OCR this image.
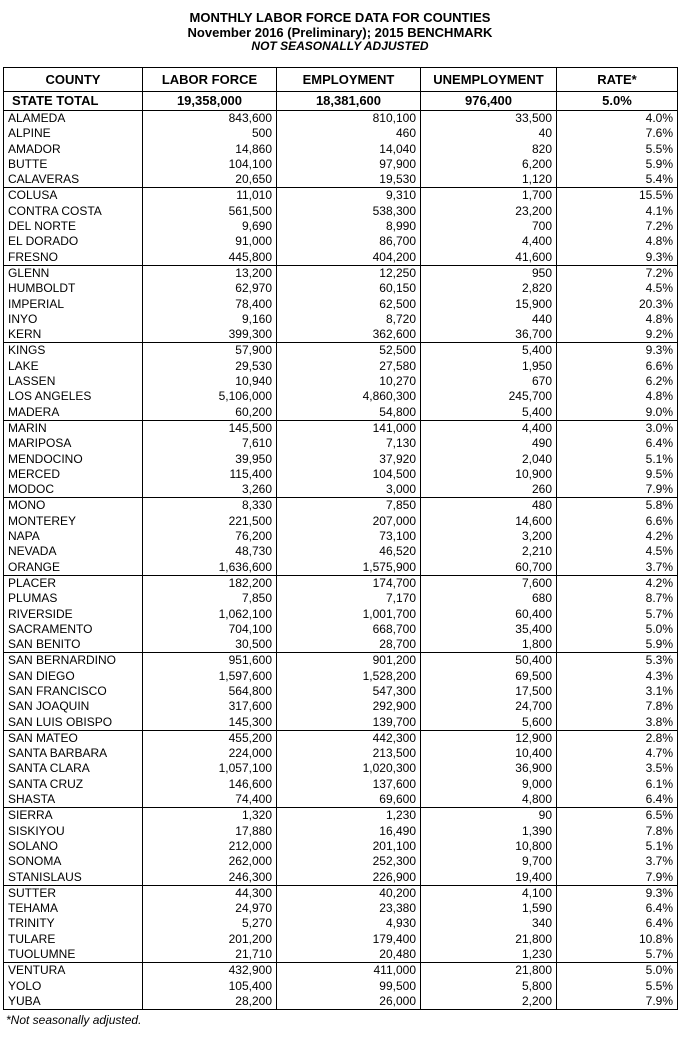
MONTHLY LABOR FORCE DATA FOR COUNTIES
November 2016 (Preliminary); 2015 BENCHMARK
NOT SEASONALLY ADJUSTED
COUNTY	LABOR FORCE	EMPLOYMENT	UNEMPLOYMENT	RATE*
STATE TOTAL	19,358,000	18,381,600	976,400	5.0%
ALAMEDA	843,600	810,100	33,500	4.0%
ALPINE	500	460	40	7.6%
AMADOR	14,860	14,040	820	5.5%
BUTTE	104,100	97,900	6,200	5.9%
CALAVERAS	20,650	19,530	1,120	5.4%
COLUSA	11,010	9,310	1,700	15.5%
CONTRA COSTA	561,500	538,300	23,200	4.1%
DEL NORTE	9,690	8,990	700	7.2%
EL DORADO	91,000	86,700	4,400	4.8%
FRESNO	445,800	404,200	41,600	9.3%
GLENN	13,200	12,250	950	7.2%
HUMBOLDT	62,970	60,150	2,820	4.5%
IMPERIAL	78,400	62,500	15,900	20.3%
INYO	9,160	8,720	440	4.8%
KERN	399,300	362,600	36,700	9.2%
KINGS	57,900	52,500	5,400	9.3%
LAKE	29,530	27,580	1,950	6.6%
LASSEN	10,940	10,270	670	6.2%
LOS ANGELES	5,106,000	4,860,300	245,700	4.8%
MADERA	60,200	54,800	5,400	9.0%
MARIN	145,500	141,000	4,400	3.0%
MARIPOSA	7,610	7,130	490	6.4%
MENDOCINO	39,950	37,920	2,040	5.1%
MERCED	115,400	104,500	10,900	9.5%
MODOC	3,260	3,000	260	7.9%
MONO	8,330	7,850	480	5.8%
MONTEREY	221,500	207,000	14,600	6.6%
NAPA	76,200	73,100	3,200	4.2%
NEVADA	48,730	46,520	2,210	4.5%
ORANGE	1,636,600	1,575,900	60,700	3.7%
PLACER	182,200	174,700	7,600	4.2%
PLUMAS	7,850	7,170	680	8.7%
RIVERSIDE	1,062,100	1,001,700	60,400	5.7%
SACRAMENTO	704,100	668,700	35,400	5.0%
SAN BENITO	30,500	28,700	1,800	5.9%
SAN BERNARDINO	951,600	901,200	50,400	5.3%
SAN DIEGO	1,597,600	1,528,200	69,500	4.3%
SAN FRANCISCO	564,800	547,300	17,500	3.1%
SAN JOAQUIN	317,600	292,900	24,700	7.8%
SAN LUIS OBISPO	145,300	139,700	5,600	3.8%
SAN MATEO	455,200	442,300	12,900	2.8%
SANTA BARBARA	224,000	213,500	10,400	4.7%
SANTA CLARA	1,057,100	1,020,300	36,900	3.5%
SANTA CRUZ	146,600	137,600	9,000	6.1%
SHASTA	74,400	69,600	4,800	6.4%
SIERRA	1,320	1,230	90	6.5%
SISKIYOU	17,880	16,490	1,390	7.8%
SOLANO	212,000	201,100	10,800	5.1%
SONOMA	262,000	252,300	9,700	3.7%
STANISLAUS	246,300	226,900	19,400	7.9%
SUTTER	44,300	40,200	4,100	9.3%
TEHAMA	24,970	23,380	1,590	6.4%
TRINITY	5,270	4,930	340	6.4%
TULARE	201,200	179,400	21,800	10.8%
TUOLUMNE	21,710	20,480	1,230	5.7%
VENTURA	432,900	411,000	21,800	5.0%
YOLO	105,400	99,500	5,800	5.5%
YUBA	28,200	26,000	2,200	7.9%
*Not seasonally adjusted.
